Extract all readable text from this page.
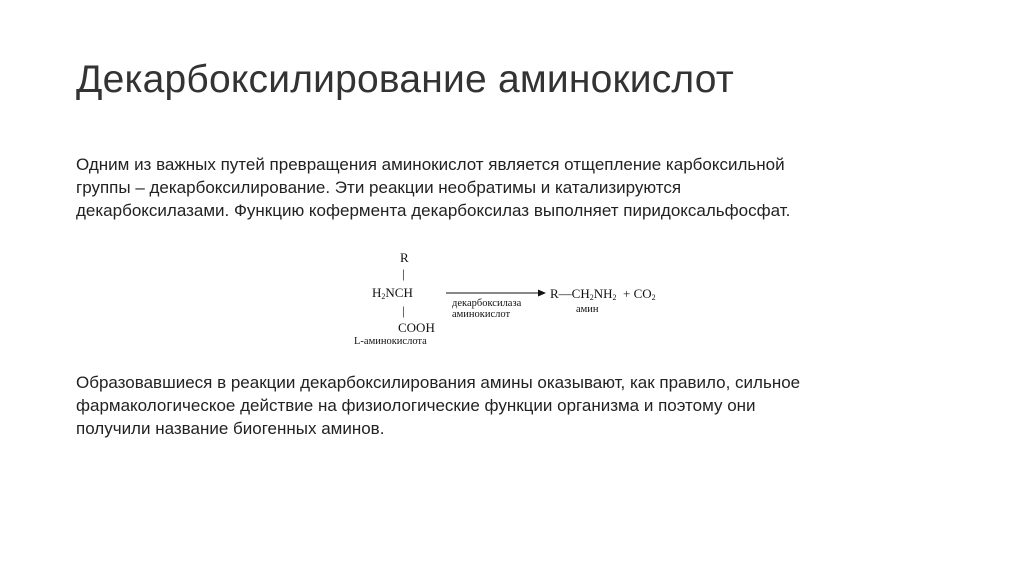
Декарбоксилирование аминокислот
Одним из важных путей превращения аминокислот является отщепление карбоксильной
группы – декарбоксилирование. Эти реакции необратимы и катализируются
декарбоксилазами. Функцию кофермента декарбоксилаз выполняет пиридоксальфосфат.
R
|
$H_2NCH$
|
COOH
L-аминокислота
декарбоксилаза
аминокислот
$R—CH_2NH_2 + CO_2$
амин
Образовавшиеся в реакции декарбоксилирования амины оказывают, как правило, сильное
фармакологическое действие на физиологические функции организма и поэтому они
получили название биогенных аминов.
